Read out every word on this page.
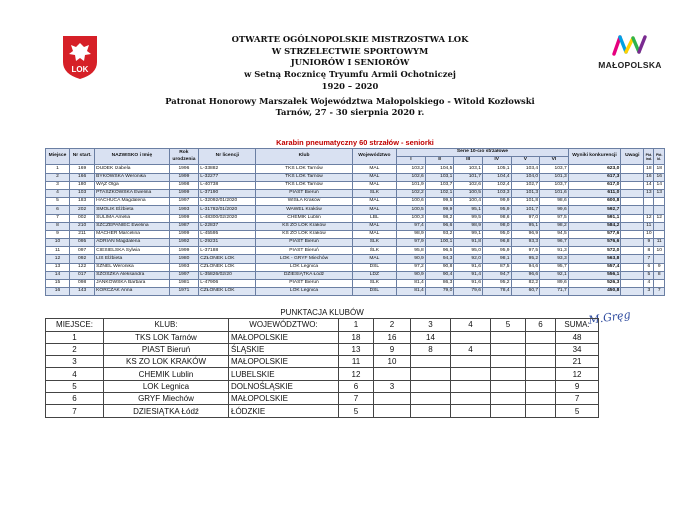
LOK
OTWARTE OGÓLNOPOLSKIE MISTRZOSTWA LOK
W STRZELECTWIE SPORTOWYM
JUNIORÓW I SENIORÓW
w Setną Rocznicę Tryumfu Armii Ochotniczej
1920 – 2020
Patronat Honorowy Marszałek Województwa Małopolskiego - Witold Kozłowski
Tarnów, 27 - 30 sierpnia 2020 r.
MAŁOPOLSKA
Karabin pneumatyczny 60 strzałów - seniorki																
Miejsce	Nr start.	NAZWISKO i Imię	Rok urodzenia	Nr licencji	Klub	Województwo	Serie 10-cio strzałowe						Wyniki konkurencji	Uwagi	Pkt. ind.	Pkt. kl.
							I	II	III	IV	V	VI				
1	169	DUDEK Izabela	1996	L-33882	TKS LOK Tarnów	MAL	103,2	104,5	103,1	105,1	103,4	103,7	623,0		18	18
2	166	BYKOWSKA Weronika	1999	L-32277	TKS LOK Tarnów	MAL	102,6	103,1	101,7	104,4	104,0	101,3	617,3		16	16
3	180	WĄŻ Olga	1998	L-40738	TKS LOK Tarnów	MAL	101,9	103,7	102,6	102,4	102,7	103,7	617,0		14	14
4	103	PTASZKOWSKA Ewelina	1999	L-37190	PIAST Bieruń	ŚLK	102,2	102,1	100,5	103,3	101,3	101,6	611,0		13	13
5	183	HACHUCA Magdalena	1997	L-32092/01/2020	WISŁA Kraków	MAL	100,6	99,5	100,4	99,9	101,8	98,6	600,8			
6	202	SMOLIK Elżbieta	1993	L-31782/01/2020	WAWEL Kraków	MAL	100,5	99,9	95,1	95,9	101,7	99,6	592,7			
7	002	SULIMA Amelia	1999	L-48300/02/2020	CHEMIK Lublin	LBL	100,3	98,2	99,5	98,6	97,0	97,5	591,1		12	12
8	210	SZCZEPANIEC Ewelina	1987	L-22837	KS ZO LOK Kraków	MAL	97,4	96,6	98,9	98,0	95,1	98,2	584,2		11	
9	211	MACHER Marcelina	1999	L-45595	KS ZO LOK Kraków	MAL	98,9	93,2	99,1	95,0	96,9	94,5	577,6		10	
10	095	ADRIAN Magdalena	1992	L-29231	PIAST Bieruń	ŚLK	97,9	100,1	91,8	96,8	93,3	96,7	576,6		9	11
11	097	CIESIELSKA Sylwia	1999	L-37188	PIAST Bieruń	ŚLK	95,8	96,5	95,0	95,9	97,5	91,3	572,0		8	10
12	092	LIS Elżbieta	1980	CZŁONEK LOK	LOK - GRYF Miechów	MAL	90,9	94,3	92,0	98,1	95,2	93,3	563,8		7	
13	122	SZNEL Weronika	1993	CZŁONEK LOK	LOK Legnica	DSL	97,2	90,8	91,6	87,5	94,6	95,7	557,4		6	9
14	017	SZOSZKA Aleksandra	1997	L-35826/02/20	DZIESIĄTKA Łódź	LDZ	90,9	90,4	91,4	94,7	96,6	92,1	556,1		5	8
15	098	JANKOWSKA Barbara	1981	L-47906	PIAST Bieruń	ŚLK	81,4	86,3	91,6	95,2	82,2	89,6	526,3		4	
16	143	KORCZAK Anna	1971	CZŁONEK LOK	LOK Legnica	DSL	81,4	79,0	79,6	78,4	60,7	71,7	450,8		3	7
M.Gręg
PUNKTACJA KLUBÓW									
MIEJSCE:	KLUB:	WOJEWÓDZTWO:	1	2	3	4	5	6	SUMA:
1	TKS LOK Tarnów	MAŁOPOLSKIE	18	16	14				48
2	PIAST Bieruń	ŚLĄSKIE	13	9	8	4			34
3	KS ZO LOK KRAKÓW	MAŁOPOLSKIE	11	10					21
4	CHEMIK Lublin	LUBELSKIE	12						12
5	LOK Legnica	DOLNOŚLĄSKIE	6	3					9
6	GRYF Miechów	MAŁOPOLSKIE	7						7
7	DZIESIĄTKA Łódź	ŁÓDZKIE	5						5
